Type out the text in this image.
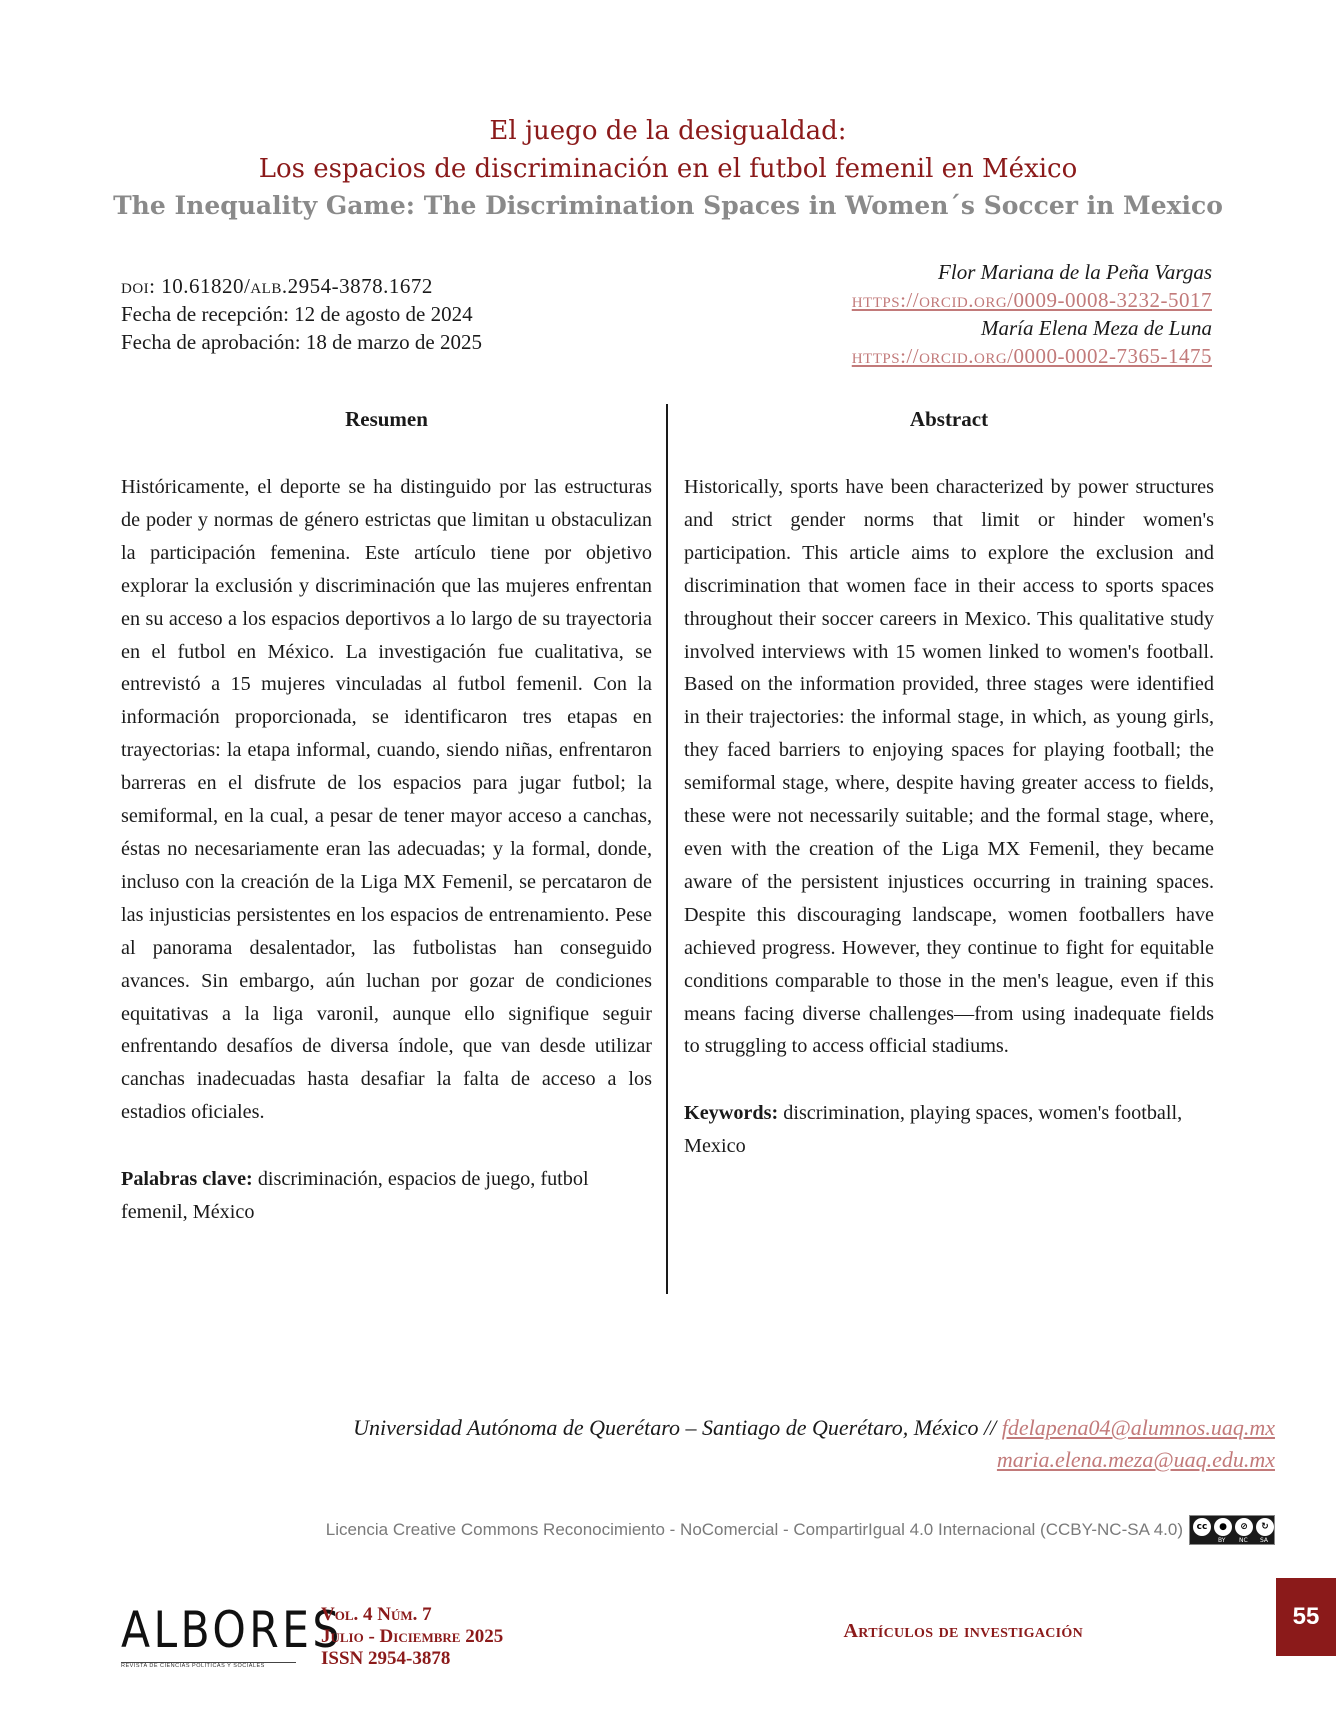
El juego de la desigualdad:
Los espacios de discriminación en el futbol femenil en México
The Inequality Game: The Discrimination Spaces in Women´s Soccer in Mexico
doi: 10.61820/alb.2954-3878.1672
Fecha de recepción: 12 de agosto de 2024
Fecha de aprobación: 18 de marzo de 2025
Flor Mariana de la Peña Vargas
https://orcid.org/0009-0008-3232-5017
María Elena Meza de Luna
https://orcid.org/0000-0002-7365-1475
Resumen

Históricamente, el deporte se ha distinguido por las estructuras de poder y normas de género estrictas que limitan u obstaculizan la participación femenina. Este artículo tiene por objetivo explorar la exclusión y discriminación que las mujeres enfrentan en su acceso a los espacios deportivos a lo largo de su trayectoria en el futbol en México. La investigación fue cualitativa, se entrevistó a 15 mujeres vinculadas al futbol femenil. Con la información proporcionada, se identificaron tres etapas en trayectorias: la etapa informal, cuando, siendo niñas, enfrentaron barreras en el disfrute de los espacios para jugar futbol; la semiformal, en la cual, a pesar de tener mayor acceso a canchas, éstas no necesariamente eran las adecuadas; y la formal, donde, incluso con la creación de la Liga MX Femenil, se percataron de las injusticias persistentes en los espacios de entrenamiento. Pese al panorama desalentador, las futbolistas han conseguido avances. Sin embargo, aún luchan por gozar de condiciones equitativas a la liga varonil, aunque ello signifique seguir enfrentando desafíos de diversa índole, que van desde utilizar canchas inadecuadas hasta desafiar la falta de acceso a los estadios oficiales.

Palabras clave: discriminación, espacios de juego, futbol femenil, México

Abstract

Historically, sports have been characterized by power structures and strict gender norms that limit or hinder women's participation. This article aims to explore the exclusion and discrimination that women face in their access to sports spaces throughout their soccer careers in Mexico. This qualitative study involved interviews with 15 women linked to women's football. Based on the information provided, three stages were identified in their trajectories: the informal stage, in which, as young girls, they faced barriers to enjoying spaces for playing football; the semiformal stage, where, despite having greater access to fields, these were not necessarily suitable; and the formal stage, where, even with the creation of the Liga MX Femenil, they became aware of the persistent injustices occurring in training spaces. Despite this discouraging landscape, women footballers have achieved progress. However, they continue to fight for equitable conditions comparable to those in the men's league, even if this means facing diverse challenges—from using inadequate fields to struggling to access official stadiums.

Keywords: discrimination, playing spaces, women's football, Mexico

Universidad Autónoma de Querétaro – Santiago de Querétaro, México // fdelapena04@alumnos.uaq.mx
maria.elena.meza@uaq.edu.mx
Licencia Creative Commons Reconocimiento - NoComercial - CompartirIgual 4.0 Internacional (CCBY-NC-SA 4.0)	cc	●	⊘	↻
BY NC SA
ALBORES
REVISTA DE CIENCIAS POLÍTICAS Y SOCIALES
Vol. 4 Núm. 7
Julio - Diciembre 2025
ISSN 2954-3878
Artículos de investigación
55
